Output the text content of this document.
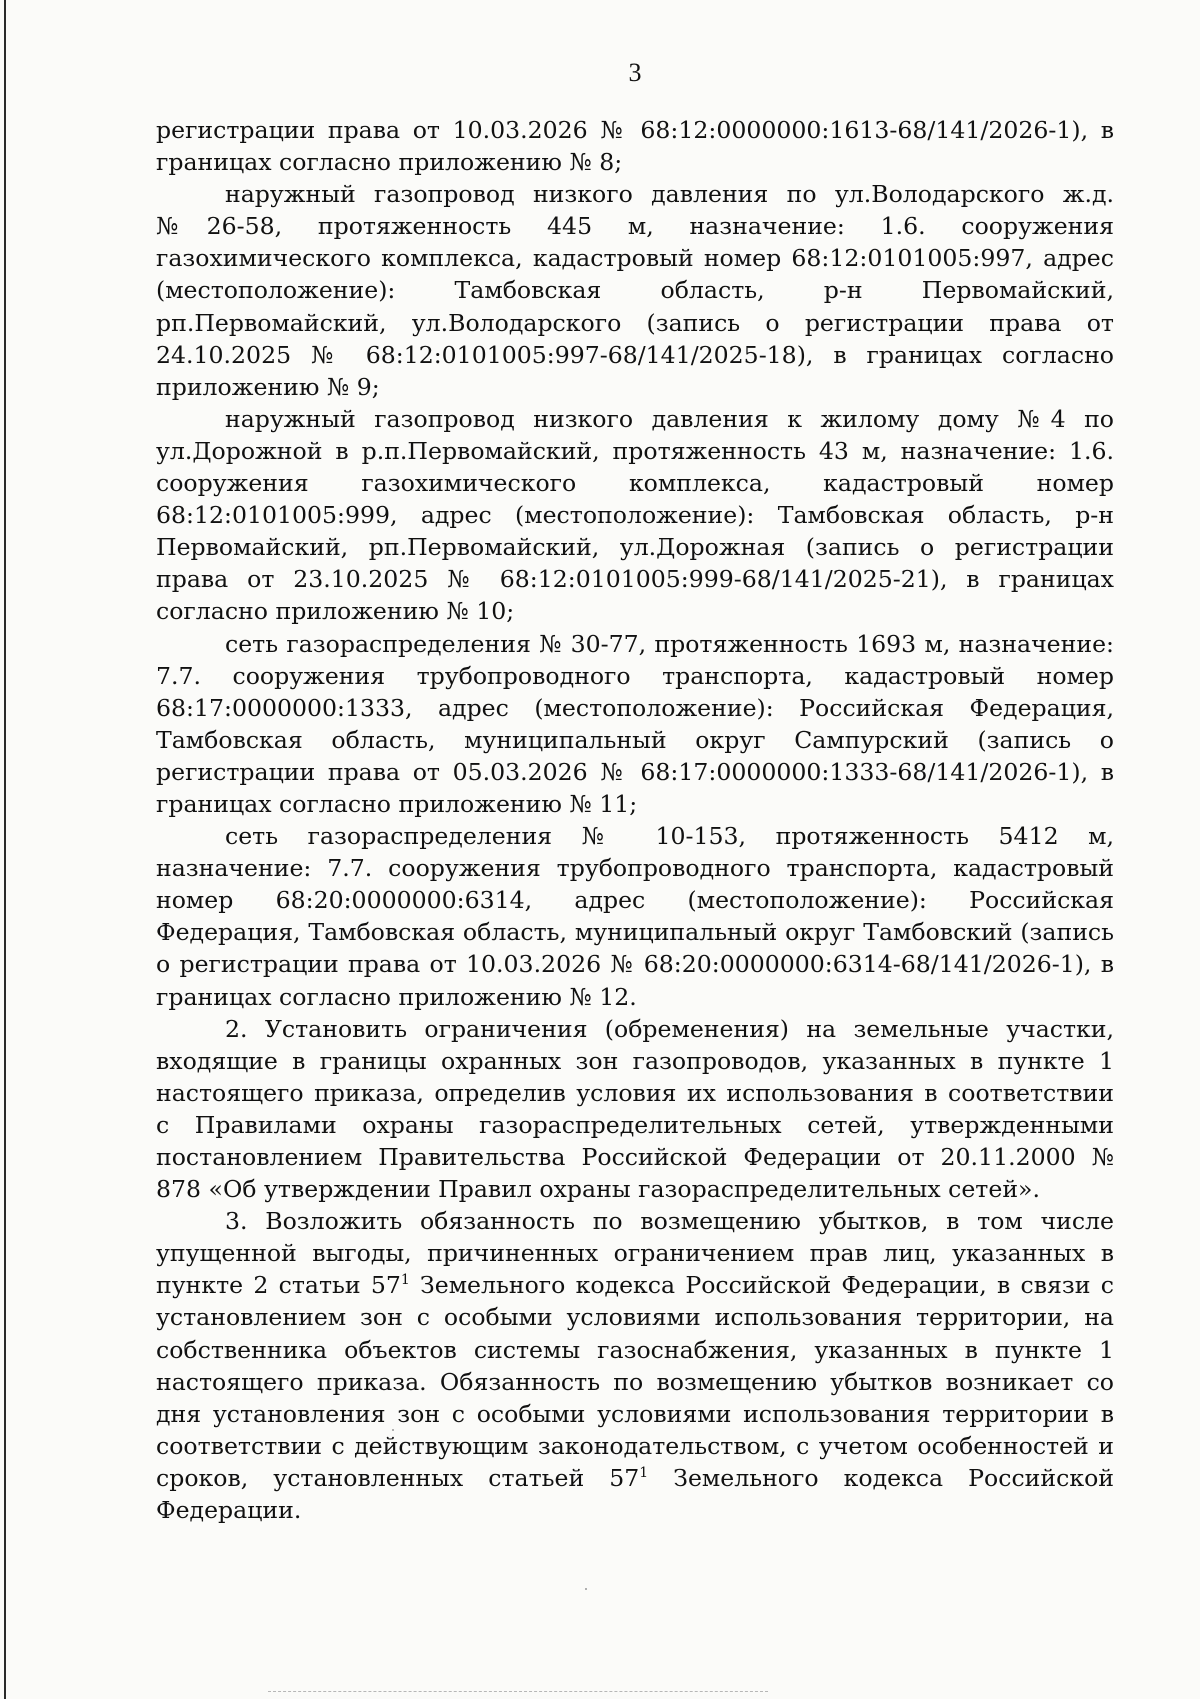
3

регистрации права от 10.03.2026 № 68:12:0000000:1613-68/141/2026-1), в границах согласно приложению № 8;

наружный газопровод низкого давления по ул.Володарского ж.д. №26-58, протяженность 445 м, назначение: 1.6. сооружения газохимического комплекса, кадастровый номер 68:12:0101005:997, адрес (местоположение): Тамбовская область, р-н Первомайский, рп.Первомайский, ул.Володарского (запись о регистрации права от 24.10.2025 № 68:12:0101005:997-68/141/2025-18), в границах согласно приложению № 9;

наружный газопровод низкого давления к жилому дому №4 по ул.Дорожной в р.п.Первомайский, протяженность 43 м, назначение: 1.6. сооружения газохимического комплекса, кадастровый номер 68:12:0101005:999, адрес (местоположение): Тамбовская область, р-н Первомайский, рп.Первомайский, ул.Дорожная (запись о регистрации права от 23.10.2025 № 68:12:0101005:999-68/141/2025-21), в границах согласно приложению № 10;

сеть газораспределения № 30-77, протяженность 1693 м, назначение: 7.7. сооружения трубопроводного транспорта, кадастровый номер 68:17:0000000:1333, адрес (местоположение): Российская Федерация, Тамбовская область, муниципальный округ Сампурский (запись о регистрации права от 05.03.2026 № 68:17:0000000:1333-68/141/2026-1), в границах согласно приложению № 11;

сеть газораспределения № 10-153, протяженность 5412 м, назначение: 7.7. сооружения трубопроводного транспорта, кадастровый номер 68:20:0000000:6314, адрес (местоположение): Российская Федерация, Тамбовская область, муниципальный округ Тамбовский (запись о регистрации права от 10.03.2026 № 68:20:0000000:6314-68/141/2026-1), в границах согласно приложению № 12.

2. Установить ограничения (обременения) на земельные участки, входящие в границы охранных зон газопроводов, указанных в пункте 1 настоящего приказа, определив условия их использования в соответствии с Правилами охраны газораспределительных сетей, утвержденными постановлением Правительства Российской Федерации от 20.11.2000 № 878 «Об утверждении Правил охраны газораспределительных сетей».

3. Возложить обязанность по возмещению убытков, в том числе упущенной выгоды, причиненных ограничением прав лиц, указанных в пункте 2 статьи $57^1$ Земельного кодекса Российской Федерации, в связи с установлением зон с особыми условиями использования территории, на собственника объектов системы газоснабжения, указанных в пункте 1 настоящего приказа. Обязанность по возмещению убытков возникает со дня установления зон с особыми условиями использования территории в соответствии с действующим законодательством, с учетом особенностей и сроков, установленных статьей $57^1$ Земельного кодекса Российской Федерации.
